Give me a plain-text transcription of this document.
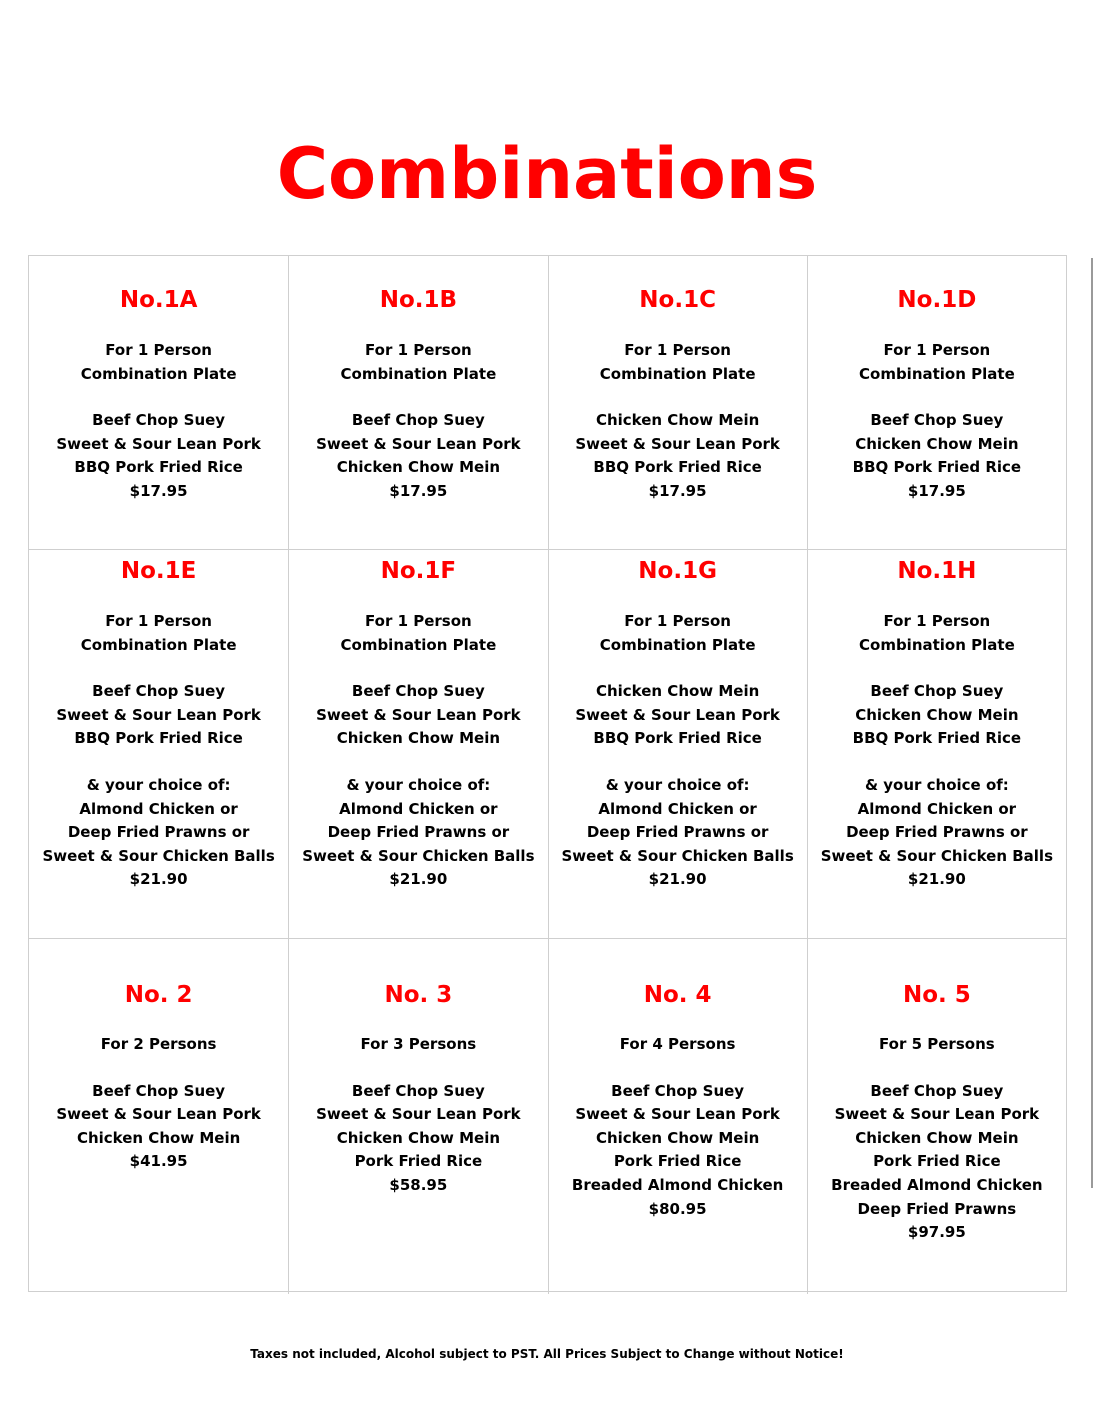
Combinations
No.1A
For 1 Person
Combination Plate
Beef Chop Suey
Sweet & Sour Lean Pork
BBQ Pork Fried Rice
$17.95
No.1B
For 1 Person
Combination Plate
Beef Chop Suey
Sweet & Sour Lean Pork
Chicken Chow Mein
$17.95
No.1C
For 1 Person
Combination Plate
Chicken Chow Mein
Sweet & Sour Lean Pork
BBQ Pork Fried Rice
$17.95
No.1D
For 1 Person
Combination Plate
Beef Chop Suey
Chicken Chow Mein
BBQ Pork Fried Rice
$17.95
No.1E
For 1 Person
Combination Plate
Beef Chop Suey
Sweet & Sour Lean Pork
BBQ Pork Fried Rice
& your choice of:
Almond Chicken or
Deep Fried Prawns or
Sweet & Sour Chicken Balls
$21.90
No.1F
For 1 Person
Combination Plate
Beef Chop Suey
Sweet & Sour Lean Pork
Chicken Chow Mein
& your choice of:
Almond Chicken or
Deep Fried Prawns or
Sweet & Sour Chicken Balls
$21.90
No.1G
For 1 Person
Combination Plate
Chicken Chow Mein
Sweet & Sour Lean Pork
BBQ Pork Fried Rice
& your choice of:
Almond Chicken or
Deep Fried Prawns or
Sweet & Sour Chicken Balls
$21.90
No.1H
For 1 Person
Combination Plate
Beef Chop Suey
Chicken Chow Mein
BBQ Pork Fried Rice
& your choice of:
Almond Chicken or
Deep Fried Prawns or
Sweet & Sour Chicken Balls
$21.90
No. 2
For 2 Persons
Beef Chop Suey
Sweet & Sour Lean Pork
Chicken Chow Mein
$41.95
No. 3
For 3 Persons
Beef Chop Suey
Sweet & Sour Lean Pork
Chicken Chow Mein
Pork Fried Rice
$58.95
No. 4
For 4 Persons
Beef Chop Suey
Sweet & Sour Lean Pork
Chicken Chow Mein
Pork Fried Rice
Breaded Almond Chicken
$80.95
No. 5
For 5 Persons
Beef Chop Suey
Sweet & Sour Lean Pork
Chicken Chow Mein
Pork Fried Rice
Breaded Almond Chicken
Deep Fried Prawns
$97.95
Taxes not included, Alcohol subject to PST. All Prices Subject to Change without Notice!
